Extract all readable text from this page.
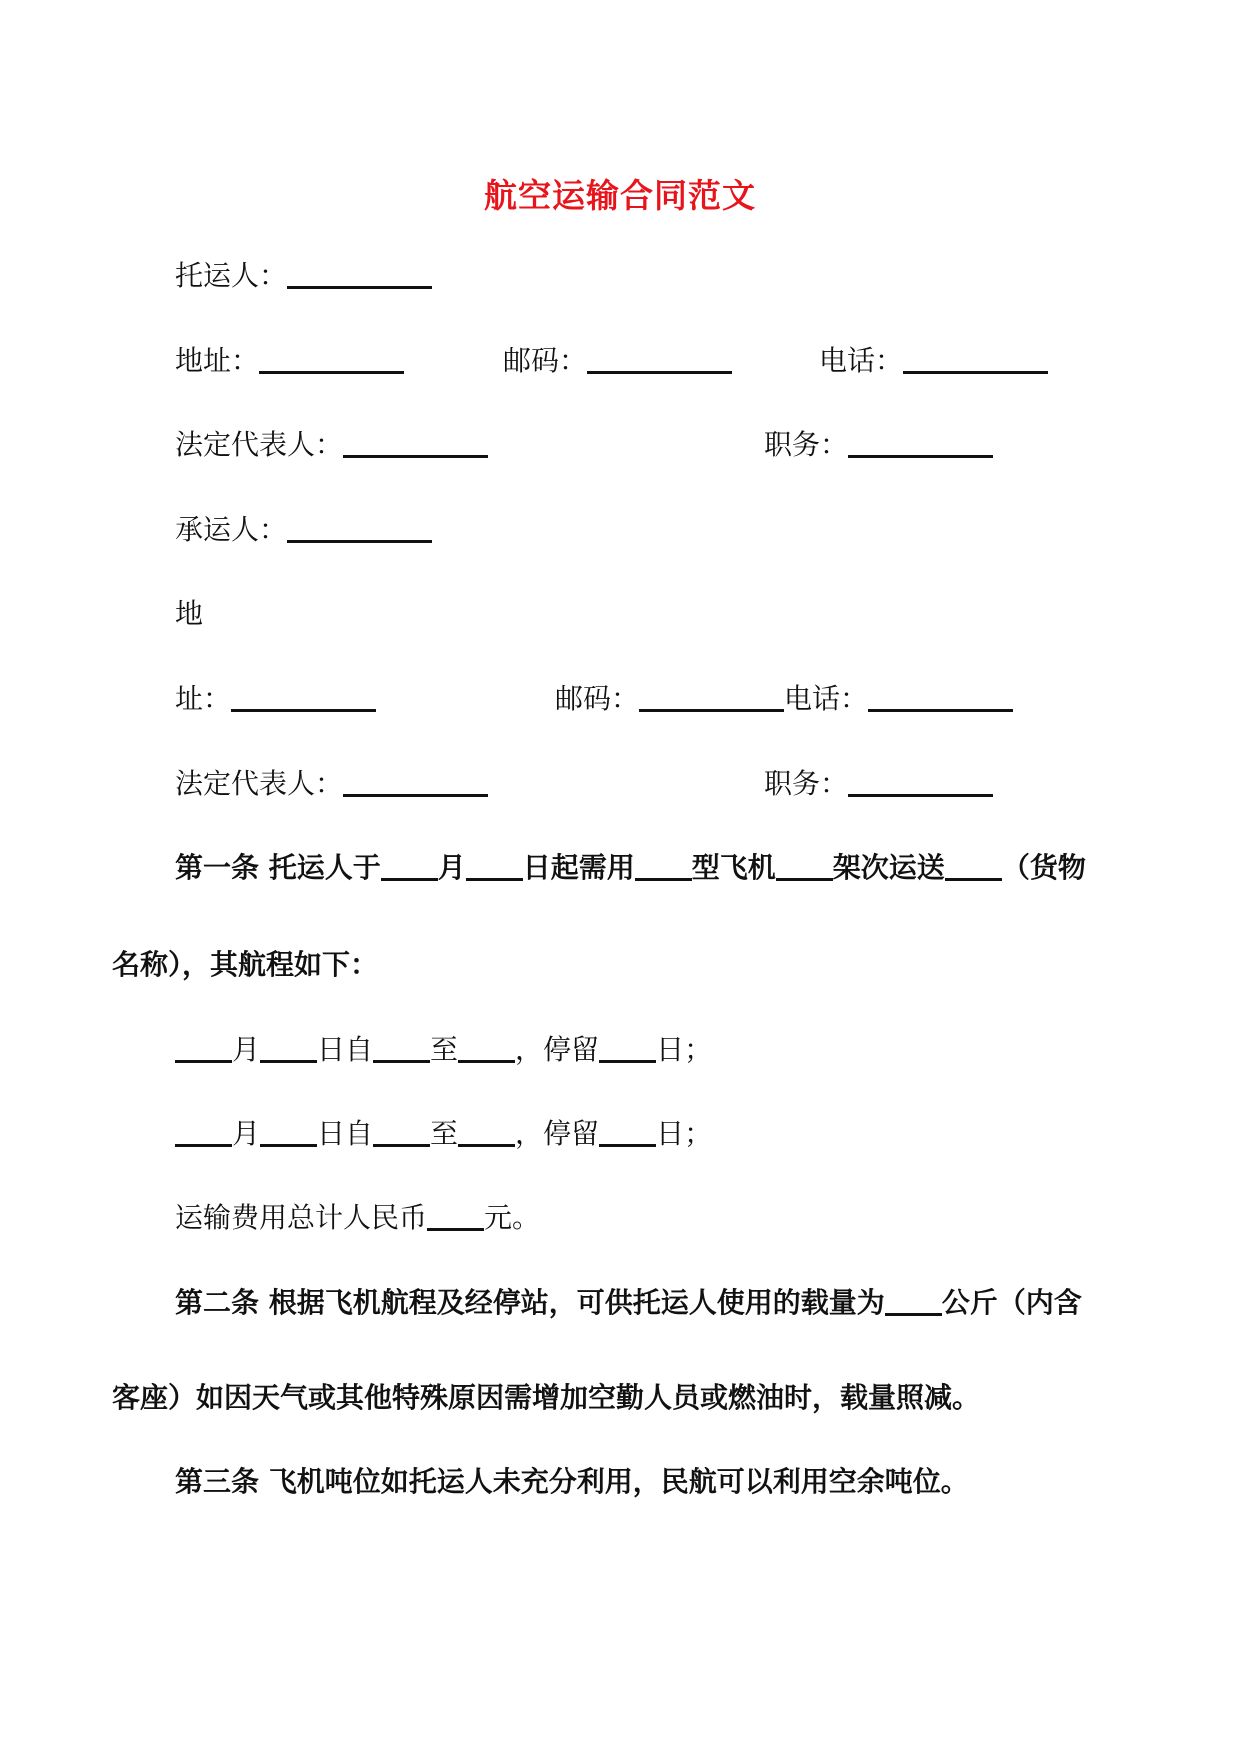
航空运输合同范文
托运人：
地址：	邮码：	电话：
法定代表人：	职务：
承运人：
地
址：	邮码：	电话：
法定代表人：	职务：
第一条 托运人于 月 日起需用 型飞机 架次运送 （货物
名称），其航程如下：
月 日自 至 ，停留 日；
月 日自 至 ，停留 日；
运输费用总计人民币 元。
第二条 根据飞机航程及经停站，可供托运人使用的载量为 公斤（内含
客座）如因天气或其他特殊原因需增加空勤人员或燃油时，载量照减。
第三条 飞机吨位如托运人未充分利用，民航可以利用空余吨位。
